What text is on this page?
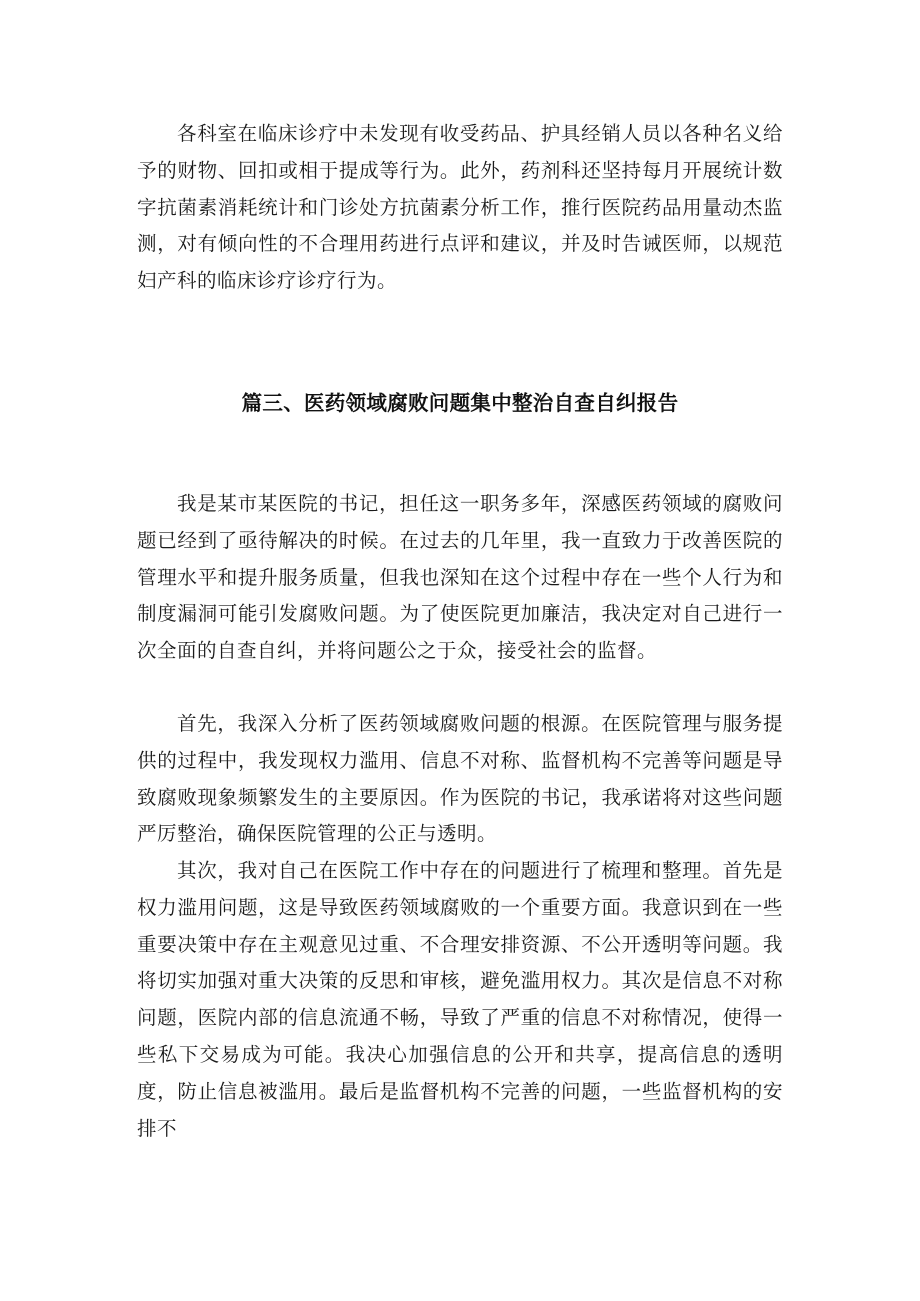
各科室在临床诊疗中未发现有收受药品、护具经销人员以各种名义给予的财物、回扣或相于提成等行为。此外，药剂科还坚持每月开展统计数字抗菌素消耗统计和门诊处方抗菌素分析工作，推行医院药品用量动杰监测，对有倾向性的不合理用药进行点评和建议，并及时告诫医师，以规范妇产科的临床诊疗诊疗行为。

篇三、医药领域腐败问题集中整治自查自纠报告

我是某市某医院的书记，担任这一职务多年，深感医药领域的腐败问题已经到了亟待解决的时候。在过去的几年里，我一直致力于改善医院的管理水平和提升服务质量，但我也深知在这个过程中存在一些个人行为和制度漏洞可能引发腐败问题。为了使医院更加廉洁，我决定对自己进行一次全面的自查自纠，并将问题公之于众，接受社会的监督。

首先，我深入分析了医药领域腐败问题的根源。在医院管理与服务提供的过程中，我发现权力滥用、信息不对称、监督机构不完善等问题是导致腐败现象频繁发生的主要原因。作为医院的书记，我承诺将对这些问题严厉整治，确保医院管理的公正与透明。

其次，我对自己在医院工作中存在的问题进行了梳理和整理。首先是权力滥用问题，这是导致医药领域腐败的一个重要方面。我意识到在一些重要决策中存在主观意见过重、不合理安排资源、不公开透明等问题。我将切实加强对重大决策的反思和审核，避免滥用权力。其次是信息不对称问题，医院内部的信息流通不畅，导致了严重的信息不对称情况，使得一些私下交易成为可能。我决心加强信息的公开和共享，提高信息的透明度，防止信息被滥用。最后是监督机构不完善的问题，一些监督机构的安排不
